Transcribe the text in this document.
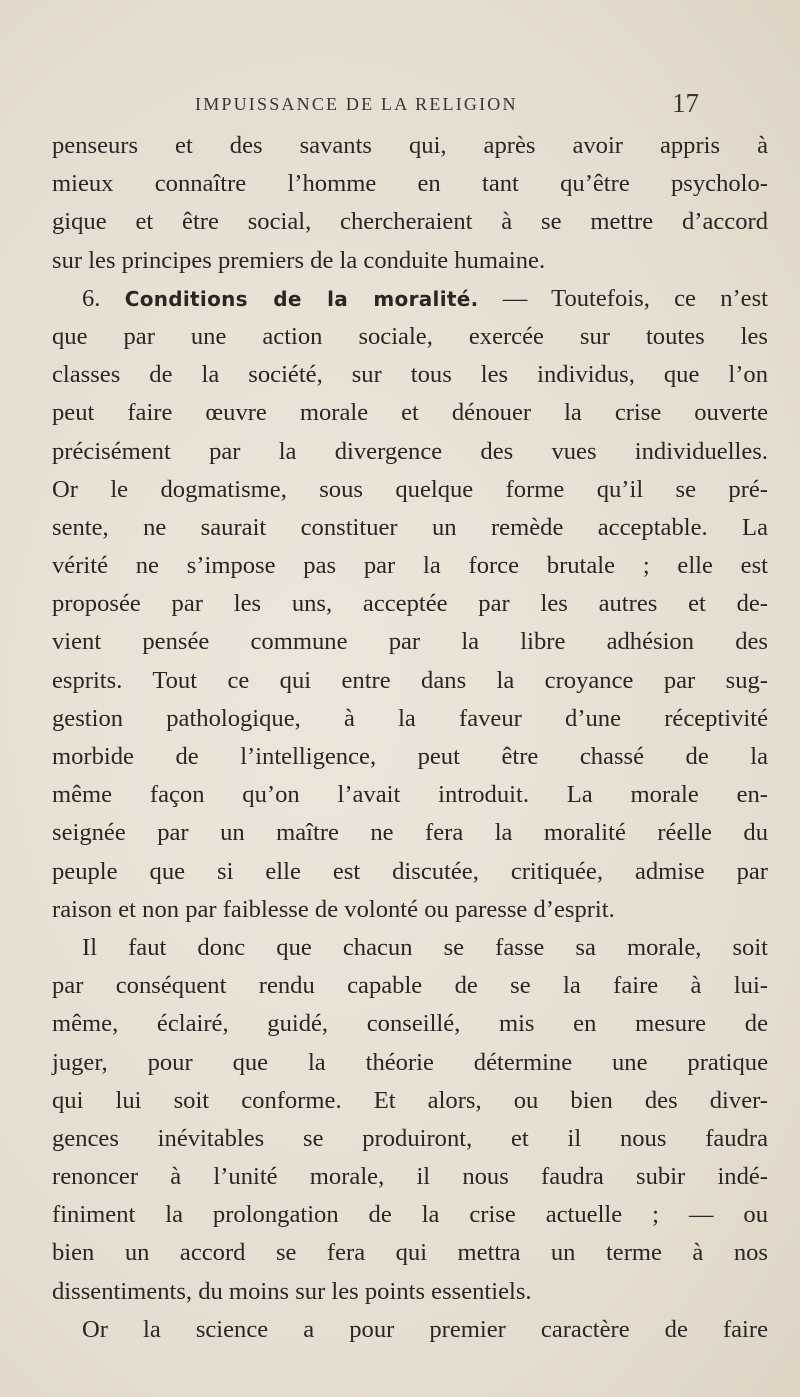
IMPUISSANCE DE LA RELIGION	17
penseurs et des savants qui, après avoir appris à
mieux connaître l’homme en tant qu’être psycholo-
gique et être social, chercheraient à se mettre d’accord
sur les principes premiers de la conduite humaine.
6. Conditions de la moralité. — Toutefois, ce n’est
que par une action sociale, exercée sur toutes les
classes de la société, sur tous les individus, que l’on
peut faire œuvre morale et dénouer la crise ouverte
précisément par la divergence des vues individuelles.
Or le dogmatisme, sous quelque forme qu’il se pré-
sente, ne saurait constituer un remède acceptable. La
vérité ne s’impose pas par la force brutale ; elle est
proposée par les uns, acceptée par les autres et de-
vient pensée commune par la libre adhésion des
esprits. Tout ce qui entre dans la croyance par sug-
gestion pathologique, à la faveur d’une réceptivité
morbide de l’intelligence, peut être chassé de la
même façon qu’on l’avait introduit. La morale en-
seignée par un maître ne fera la moralité réelle du
peuple que si elle est discutée, critiquée, admise par
raison et non par faiblesse de volonté ou paresse d’esprit.
Il faut donc que chacun se fasse sa morale, soit
par conséquent rendu capable de se la faire à lui-
même, éclairé, guidé, conseillé, mis en mesure de
juger, pour que la théorie détermine une pratique
qui lui soit conforme. Et alors, ou bien des diver-
gences inévitables se produiront, et il nous faudra
renoncer à l’unité morale, il nous faudra subir indé-
finiment la prolongation de la crise actuelle ; — ou
bien un accord se fera qui mettra un terme à nos
dissentiments, du moins sur les points essentiels.
Or la science a pour premier caractère de faire
